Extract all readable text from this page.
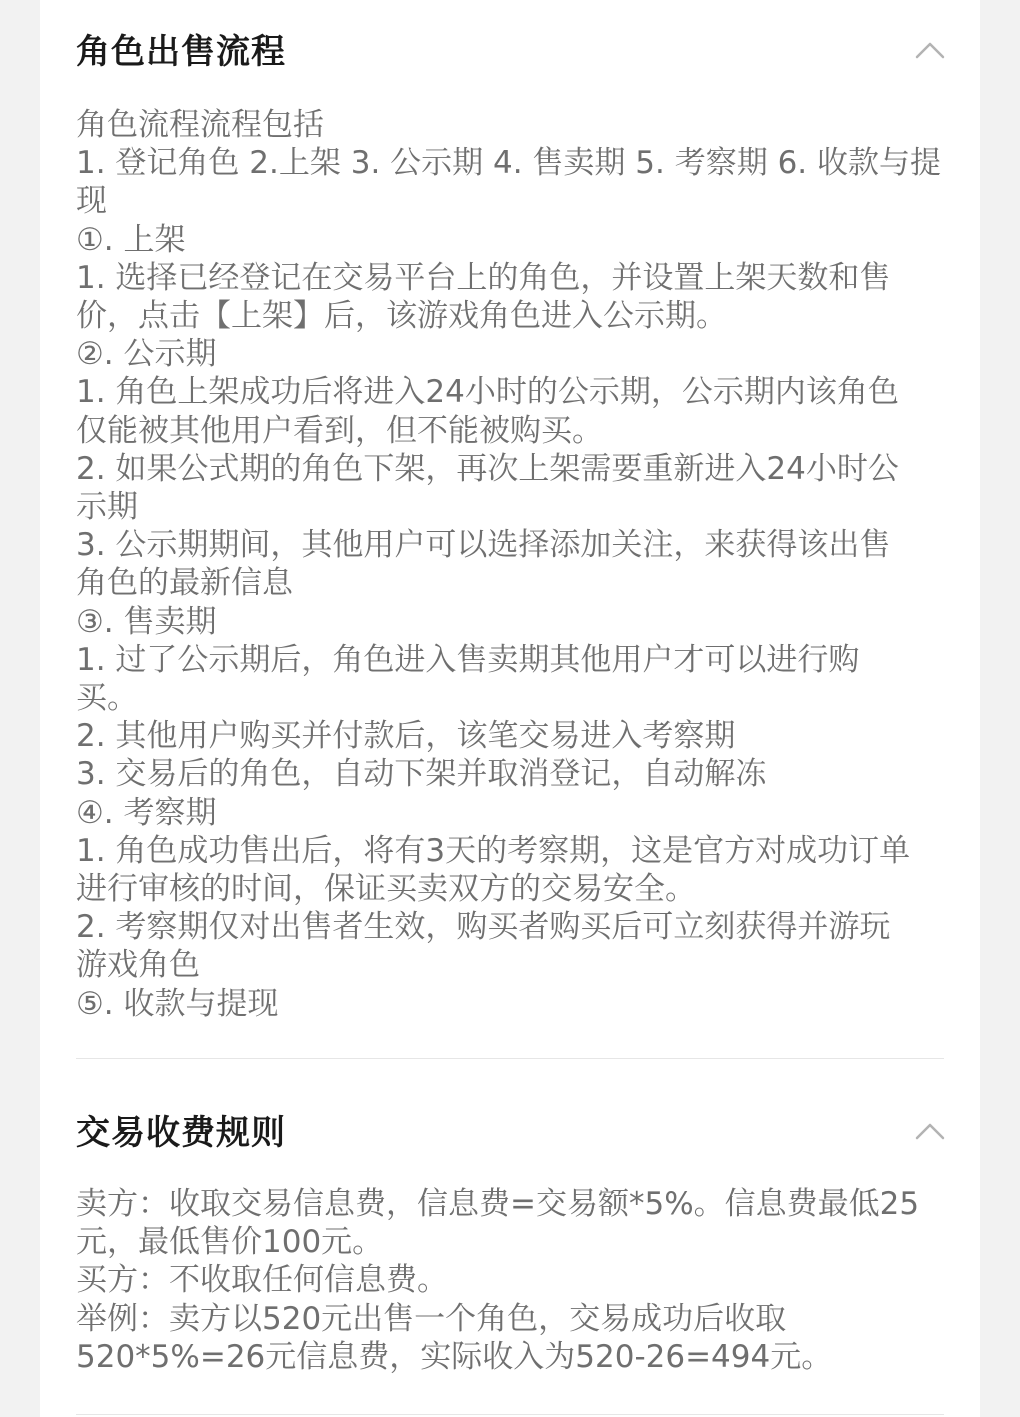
角色出售流程
角色流程流程包括
1. 登记角色 2.上架 3. 公示期 4. 售卖期 5. 考察期 6. 收款与提
现
①. 上架
1. 选择已经登记在交易平台上的角色，并设置上架天数和售
价，点击【上架】后，该游戏角色进入公示期。
②. 公示期
1. 角色上架成功后将进入24小时的公示期，公示期内该角色
仅能被其他用户看到，但不能被购买。
2. 如果公式期的角色下架，再次上架需要重新进入24小时公
示期
3. 公示期期间，其他用户可以选择添加关注，来获得该出售
角色的最新信息
③. 售卖期
1. 过了公示期后，角色进入售卖期其他用户才可以进行购
买。
2. 其他用户购买并付款后，该笔交易进入考察期
3. 交易后的角色，自动下架并取消登记，自动解冻
④. 考察期
1. 角色成功售出后，将有3天的考察期，这是官方对成功订单
进行审核的时间，保证买卖双方的交易安全。
2. 考察期仅对出售者生效，购买者购买后可立刻获得并游玩
游戏角色
⑤. 收款与提现
交易收费规则
卖方：收取交易信息费，信息费=交易额*5%。信息费最低25
元，最低售价100元。
买方：不收取任何信息费。
举例：卖方以520元出售一个角色，交易成功后收取
520*5%=26元信息费，实际收入为520-26=494元。
